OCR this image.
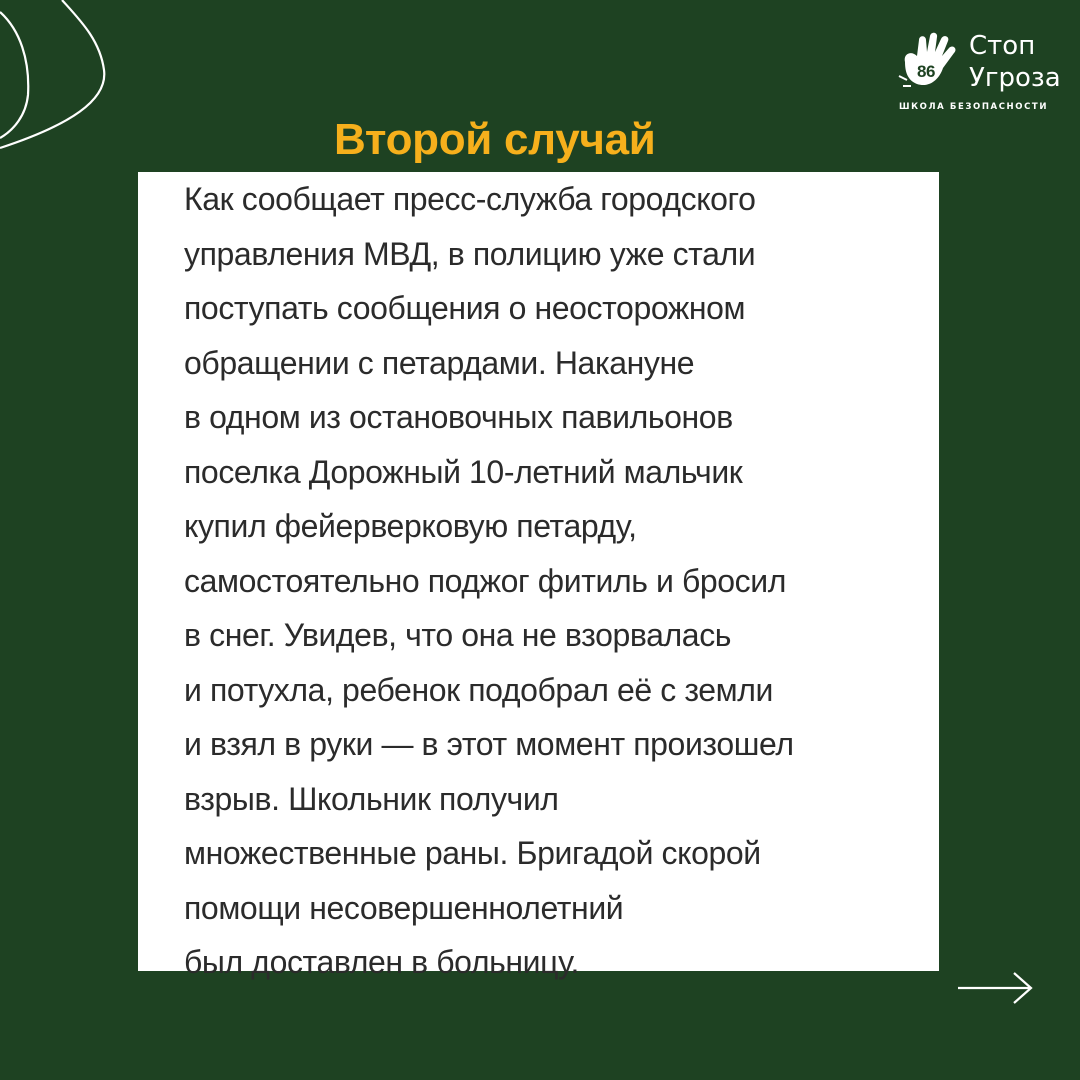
86
Стоп
Угроза
ШКОЛА БЕЗОПАСНОСТИ
Второй случай

Как сообщает пресс-служба городского
управления МВД, в полицию уже стали
поступать сообщения о неосторожном
обращении с петардами. Накануне
в одном из остановочных павильонов
поселка Дорожный 10-летний мальчик
купил фейерверковую петарду,
самостоятельно поджог фитиль и бросил
в снег. Увидев, что она не взорвалась
и потухла, ребенок подобрал её с земли
и взял в руки — в этот момент произошел
взрыв. Школьник получил
множественные раны. Бригадой скорой
помощи несовершеннолетний
был доставлен в больницу.
